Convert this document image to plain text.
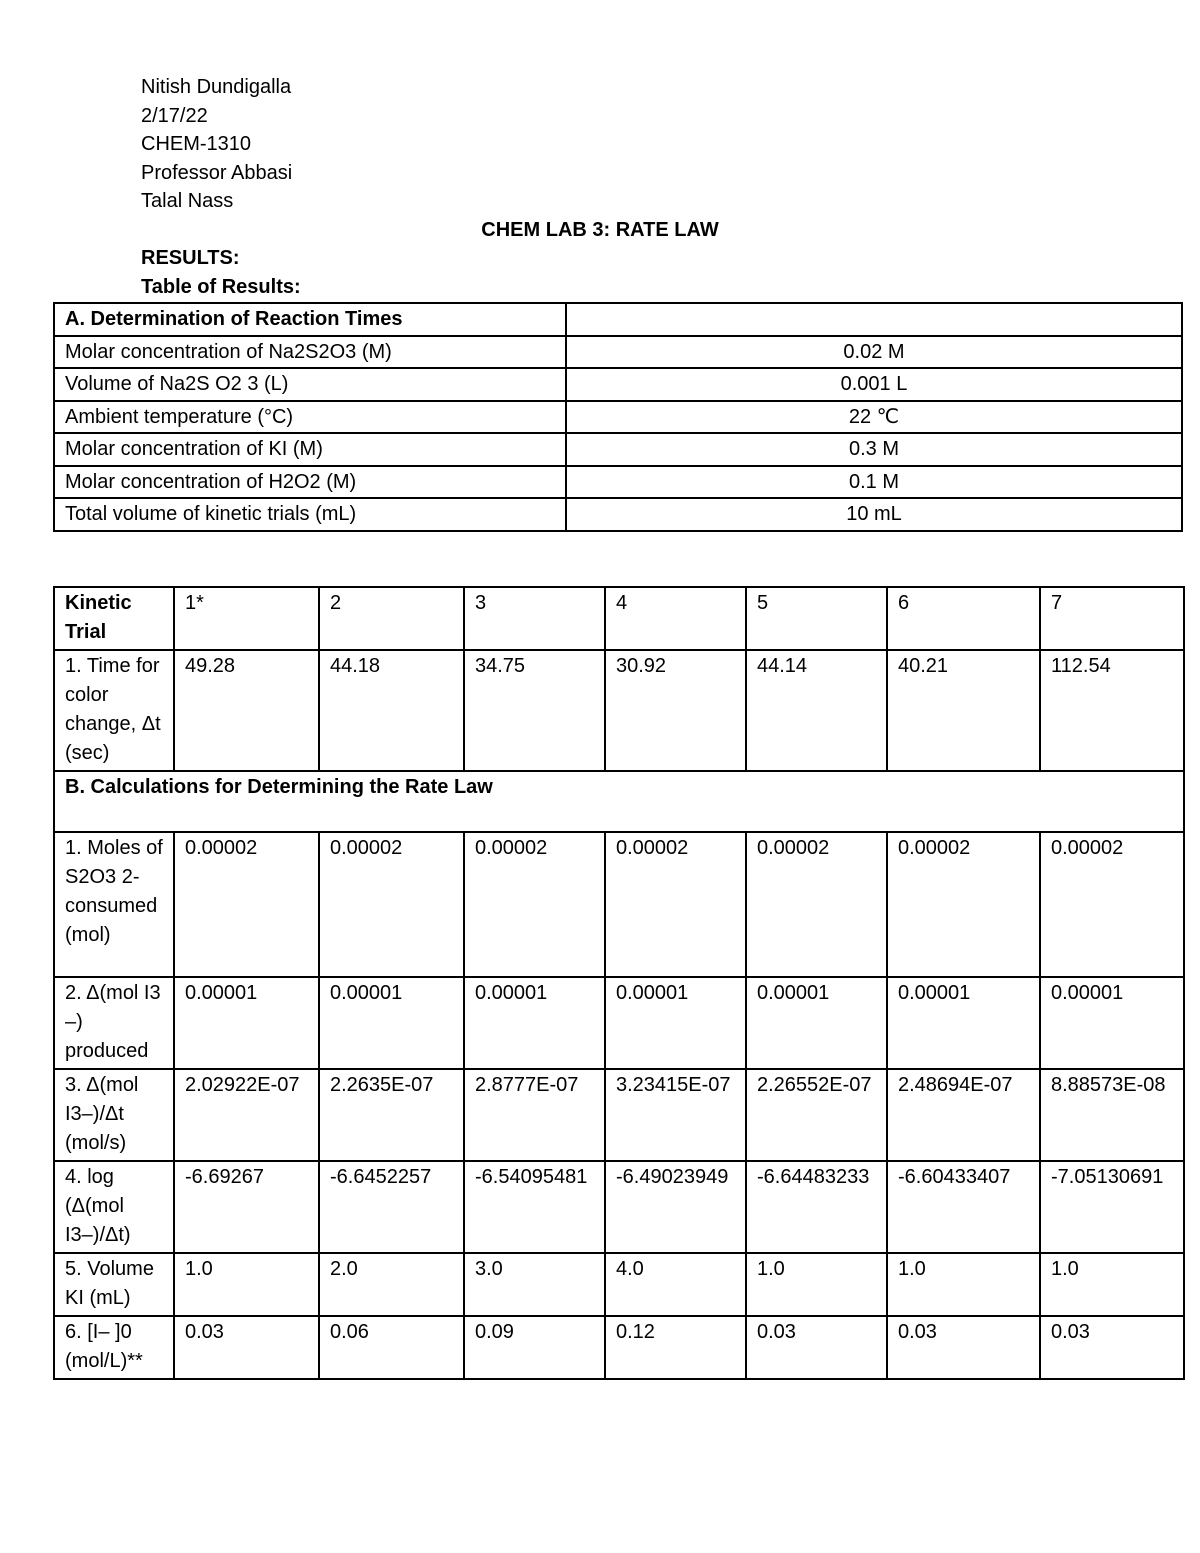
Nitish Dundigalla
2/17/22
CHEM-1310
Professor Abbasi
Talal Nass
CHEM LAB 3: RATE LAW
RESULTS:
Table of Results:
A. Determination of Reaction Times	
Molar concentration of Na2S2O3 (M)	0.02 M
Volume of Na2S O2 3 (L)	0.001 L
Ambient temperature (°C)	22 ℃
Molar concentration of KI (M)	0.3 M
Molar concentration of H2O2 (M)	0.1 M
Total volume of kinetic trials (mL)	10 mL
Kinetic Trial	1*	2	3	4	5	6	7
1. Time for color change, Δt (sec)	49.28	44.18	34.75	30.92	44.14	40.21	112.54
B. Calculations for Determining the Rate Law							
1. Moles of S2O3 2- consumed (mol)	0.00002	0.00002	0.00002	0.00002	0.00002	0.00002	0.00002
2. Δ(mol I3 –) produced	0.00001	0.00001	0.00001	0.00001	0.00001	0.00001	0.00001
3. Δ(mol I3–)/Δt (mol/s)	2.02922E-07	2.2635E-07	2.8777E-07	3.23415E-07	2.26552E-07	2.48694E-07	8.88573E-08
4. log (Δ(mol I3–)/Δt)	-6.69267	-6.6452257	-6.54095481	-6.49023949	-6.64483233	-6.60433407	-7.05130691
5. Volume KI (mL)	1.0	2.0	3.0	4.0	1.0	1.0	1.0
6. [I– ]0 (mol/L)**	0.03	0.06	0.09	0.12	0.03	0.03	0.03
